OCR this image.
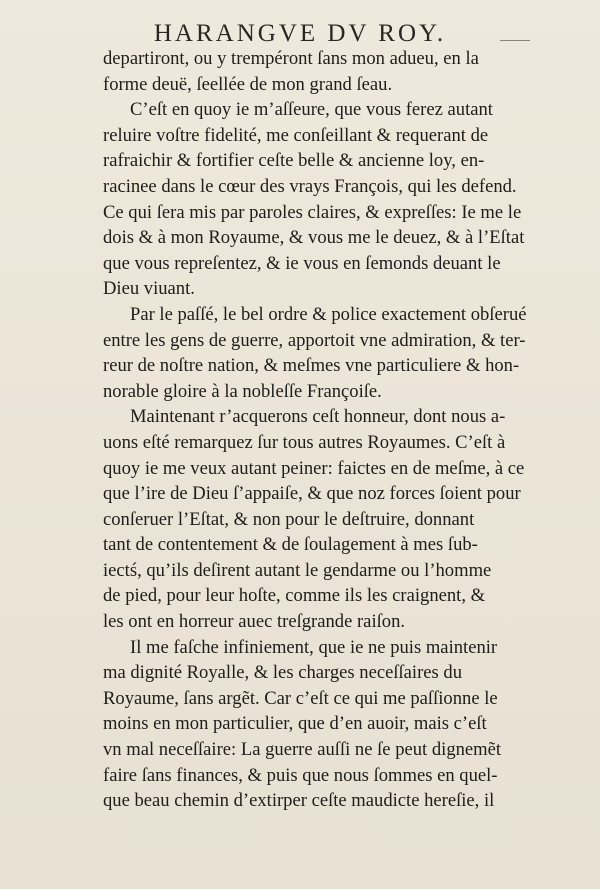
HARANGVE DV ROY.
departiront, ou y trempéront ſans mon adueu, en la
forme deuë, ſeellée de mon grand ſeau.
C’eſt en quoy ie m’aſſeure, que vous ferez autant
reluire voſtre fidelité, me conſeillant & requerant de
rafraichir & fortifier ceſte belle & ancienne loy, en-
racinee dans le cœur des vrays François, qui les defend.
Ce qui ſera mis par paroles claires, & expreſſes: Ie me le
dois & à mon Royaume, & vous me le deuez, & à l’Eſtat
que vous repreſentez, & ie vous en ſemonds deuant le
Dieu viuant.
Par le paſſé, le bel ordre & police exactement obſerué
entre les gens de guerre, apportoit vne admiration, & ter-
reur de noſtre nation, & meſmes vne particuliere & hon-
norable gloire à la nobleſſe Françoiſe.
Maintenant r’acquerons ceſt honneur, dont nous a-
uons eſté remarquez ſur tous autres Royaumes. C’eſt à
quoy ie me veux autant peiner: faictes en de meſme, à ce
que l’ire de Dieu ſ’appaiſe, & que noz forces ſoient pour
conſeruer l’Eſtat, & non pour le deſtruire, donnant
tant de contentement & de ſoulagement à mes ſub-
iectś, qu’ils deſirent autant le gendarme ou l’homme
de pied, pour leur hoſte, comme ils les craignent, &
les ont en horreur auec treſgrande raiſon.
Il me faſche infiniement, que ie ne puis maintenir
ma dignité Royalle, & les charges neceſſaires du
Royaume, ſans argẽt. Car c’eſt ce qui me paſſionne le
moins en mon particulier, que d’en auoir, mais c’eſt
vn mal neceſſaire: La guerre auſſi ne ſe peut dignemẽt
faire ſans finances, & puis que nous ſommes en quel-
que beau chemin d’extirper ceſte maudicte hereſie, il
